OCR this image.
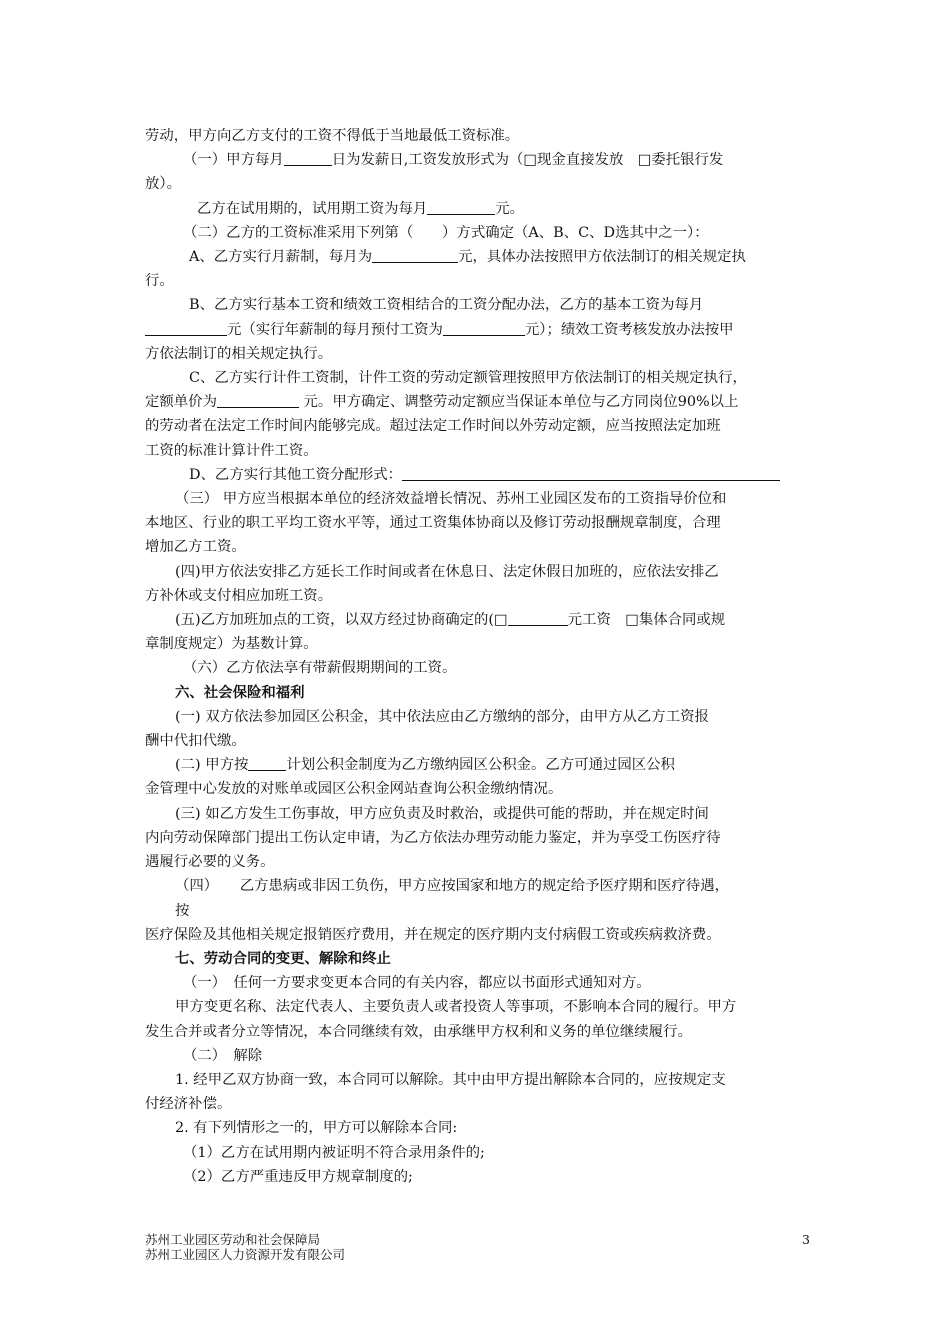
劳动，甲方向乙方支付的工资不得低于当地最低工资标准。
（一）甲方每月	日为发薪日,工资发放形式为（□现金直接发放　□委托银行发
放）。
乙方在试用期的，试用期工资为每月	元。
（二）乙方的工资标准采用下列第（　　）方式确定（A、B、C、D选其中之一）：
A、乙方实行月薪制，每月为	元，具体办法按照甲方依法制订的相关规定执
行。
B、乙方实行基本工资和绩效工资相结合的工资分配办法，乙方的基本工资为每月
元（实行年薪制的每月预付工资为	元）；绩效工资考核发放办法按甲
方依法制订的相关规定执行。
C、乙方实行计件工资制，计件工资的劳动定额管理按照甲方依法制订的相关规定执行，
定额单价为	元。甲方确定、调整劳动定额应当保证本单位与乙方同岗位90%以上
的劳动者在法定工作时间内能够完成。超过法定工作时间以外劳动定额，应当按照法定加班
工资的标准计算计件工资。
D、乙方实行其他工资分配形式：
（三） 甲方应当根据本单位的经济效益增长情况、苏州工业园区发布的工资指导价位和
本地区、行业的职工平均工资水平等，通过工资集体协商以及修订劳动报酬规章制度，合理
增加乙方工资。
(四)甲方依法安排乙方延长工作时间或者在休息日、法定休假日加班的，应依法安排乙
方补休或支付相应加班工资。
(五)乙方加班加点的工资，以双方经过协商确定的(□	元工资　□集体合同或规
章制度规定）为基数计算。
（六）乙方依法享有带薪假期期间的工资。
六、社会保险和福利
(一) 双方依法参加园区公积金，其中依法应由乙方缴纳的部分，由甲方从乙方工资报
酬中代扣代缴。
(二) 甲方按	计划公积金制度为乙方缴纳园区公积金。乙方可通过园区公积
金管理中心发放的对账单或园区公积金网站查询公积金缴纳情况。
(三) 如乙方发生工伤事故，甲方应负责及时救治，或提供可能的帮助，并在规定时间
内向劳动保障部门提出工伤认定申请，为乙方依法办理劳动能力鉴定，并为享受工伤医疗待
遇履行必要的义务。
（四）　　乙方患病或非因工负伤，甲方应按国家和地方的规定给予医疗期和医疗待遇，
按
医疗保险及其他相关规定报销医疗费用，并在规定的医疗期内支付病假工资或疾病救济费。
七、劳动合同的变更、解除和终止
（一）　任何一方要求变更本合同的有关内容，都应以书面形式通知对方。
甲方变更名称、法定代表人、主要负责人或者投资人等事项，不影响本合同的履行。甲方
发生合并或者分立等情况，本合同继续有效，由承继甲方权利和义务的单位继续履行。
（二）　解除
1. 经甲乙双方协商一致，本合同可以解除。其中由甲方提出解除本合同的，应按规定支
付经济补偿。
2. 有下列情形之一的，甲方可以解除本合同:
（1）乙方在试用期内被证明不符合录用条件的;
（2）乙方严重违反甲方规章制度的;
苏州工业园区劳动和社会保障局
苏州工业园区人力资源开发有限公司
3
